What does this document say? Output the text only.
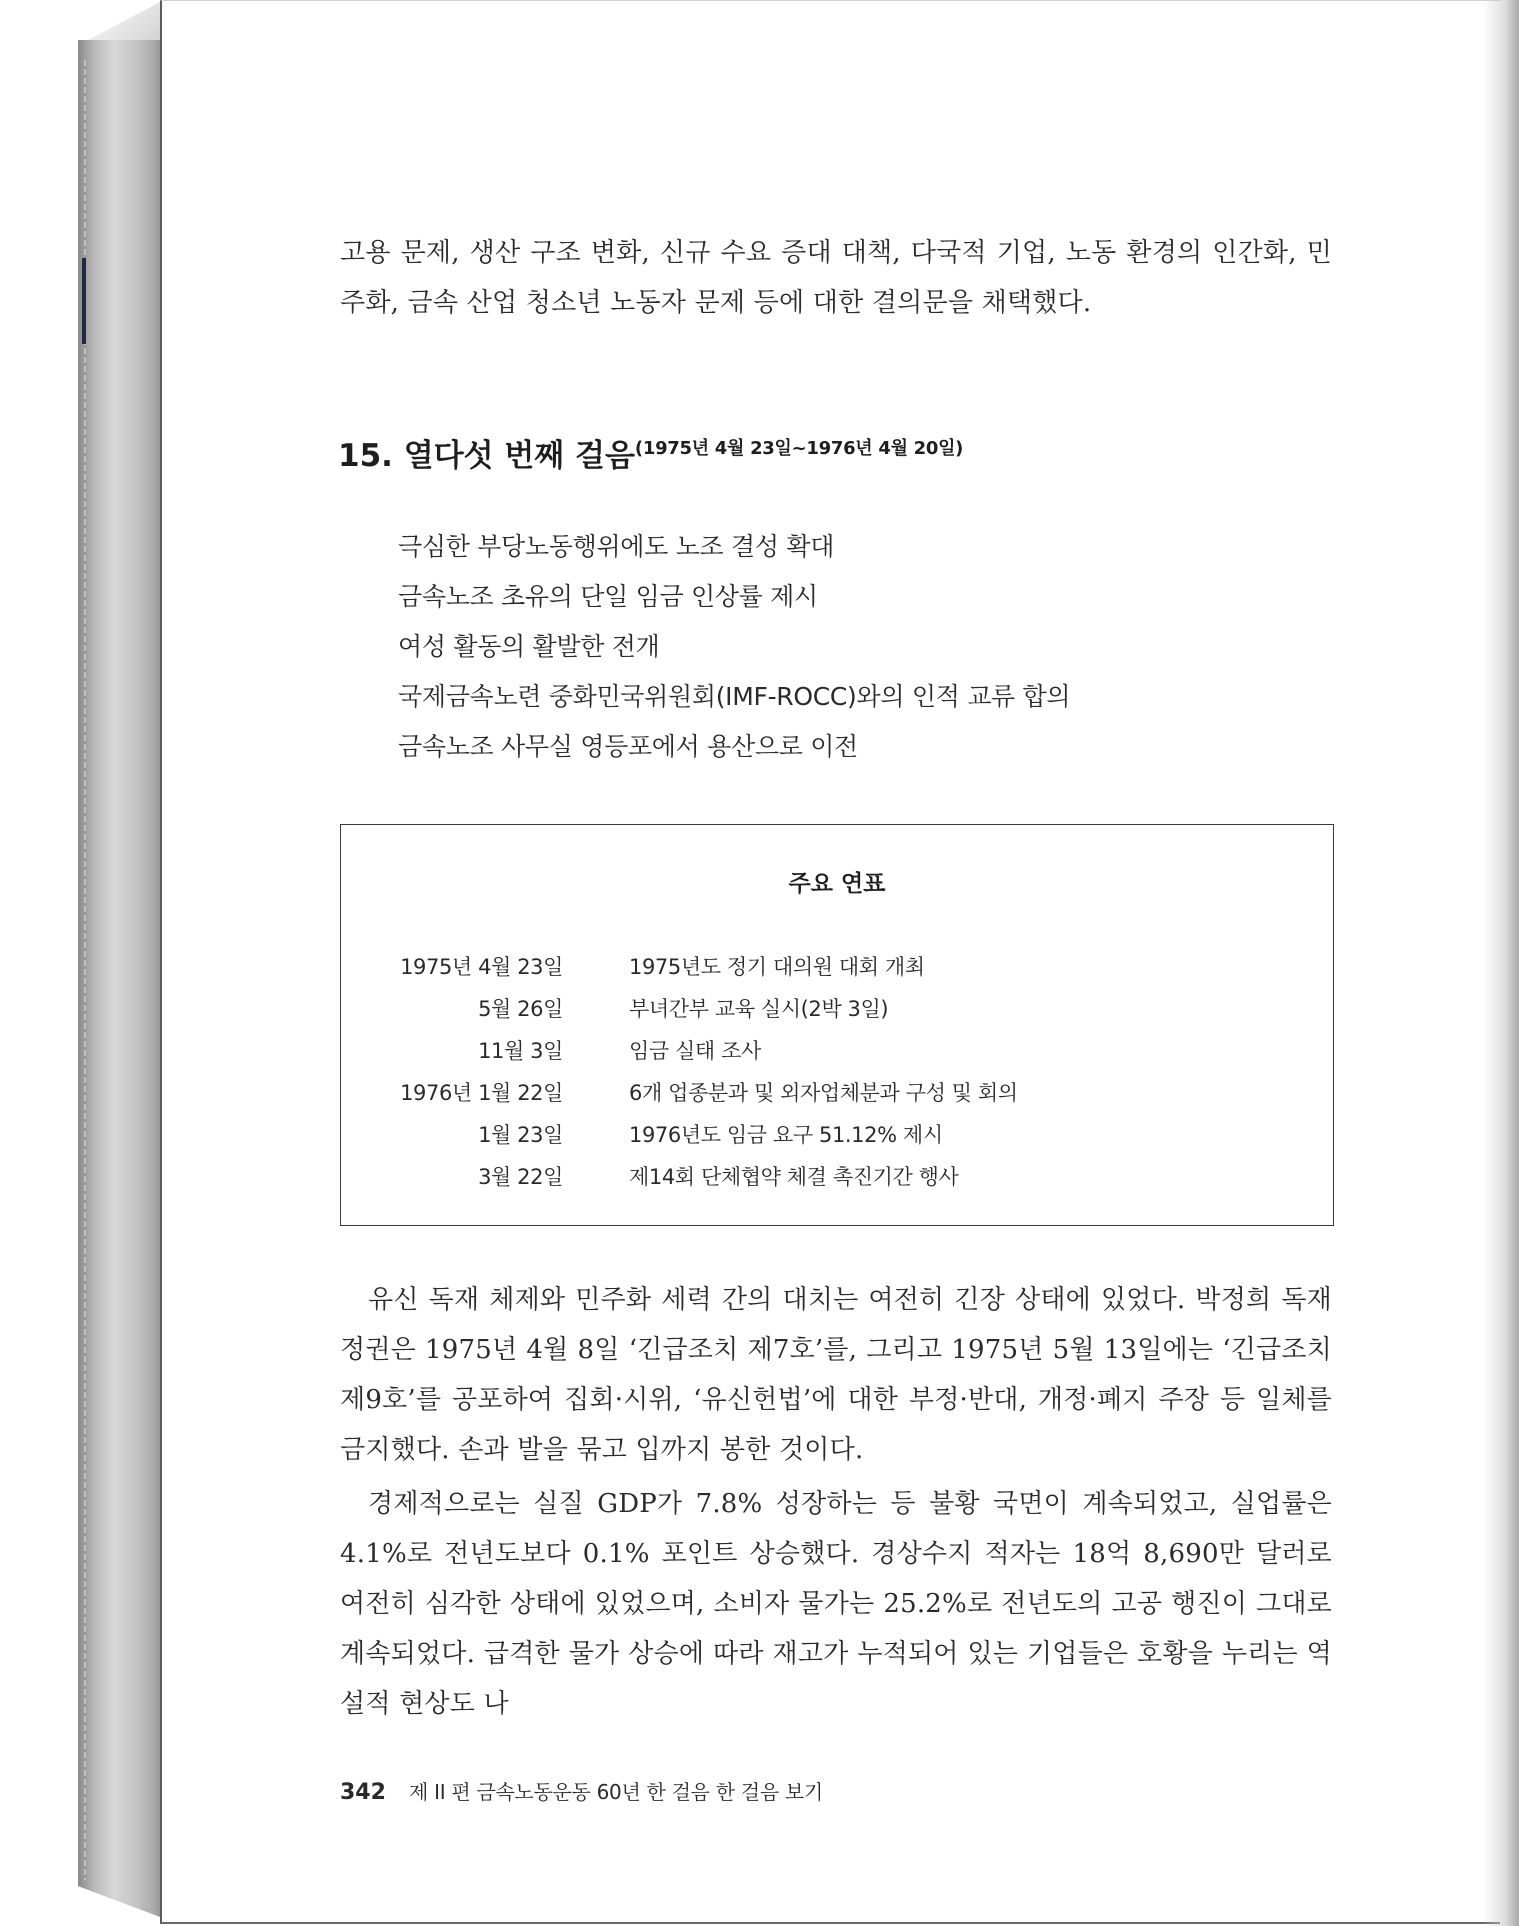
고용 문제, 생산 구조 변화, 신규 수요 증대 대책, 다국적 기업, 노동 환경의 인간화, 민주화, 금속 산업 청소년 노동자 문제 등에 대한 결의문을 채택했다.

15. 열다섯 번째 걸음$^{(1975년 4월 23일\sim 1976년 4월 20일)}$
극심한 부당노동행위에도 노조 결성 확대
금속노조 초유의 단일 임금 인상률 제시
여성 활동의 활발한 전개
국제금속노련 중화민국위원회(IMF-ROCC)와의 인적 교류 합의
금속노조 사무실 영등포에서 용산으로 이전
주요 연표
1975년 4월 23일	1975년도 정기 대의원 대회 개최
5월 26일	부녀간부 교육 실시(2박 3일)
11월 3일	임금 실태 조사
1976년 1월 22일	6개 업종분과 및 외자업체분과 구성 및 회의
1월 23일	1976년도 임금 요구 51.12% 제시
3월 22일	제14회 단체협약 체결 촉진기간 행사

유신 독재 체제와 민주화 세력 간의 대치는 여전히 긴장 상태에 있었다. 박정희 독재 정권은 1975년 4월 8일 ‘긴급조치 제7호’를, 그리고 1975년 5월 13일에는 ‘긴급조치 제9호’를 공포하여 집회·시위, ‘유신헌법’에 대한 부정·반대, 개정·폐지 주장 등 일체를 금지했다. 손과 발을 묶고 입까지 봉한 것이다.

경제적으로는 실질 GDP가 7.8% 성장하는 등 불황 국면이 계속되었고, 실업률은 4.1%로 전년도보다 0.1% 포인트 상승했다. 경상수지 적자는 18억 8,690만 달러로 여전히 심각한 상태에 있었으며, 소비자 물가는 25.2%로 전년도의 고공 행진이 그대로 계속되었다. 급격한 물가 상승에 따라 재고가 누적되어 있는 기업들은 호황을 누리는 역설적 현상도 나

342 제 II 편 금속노동운동 60년 한 걸음 한 걸음 보기
